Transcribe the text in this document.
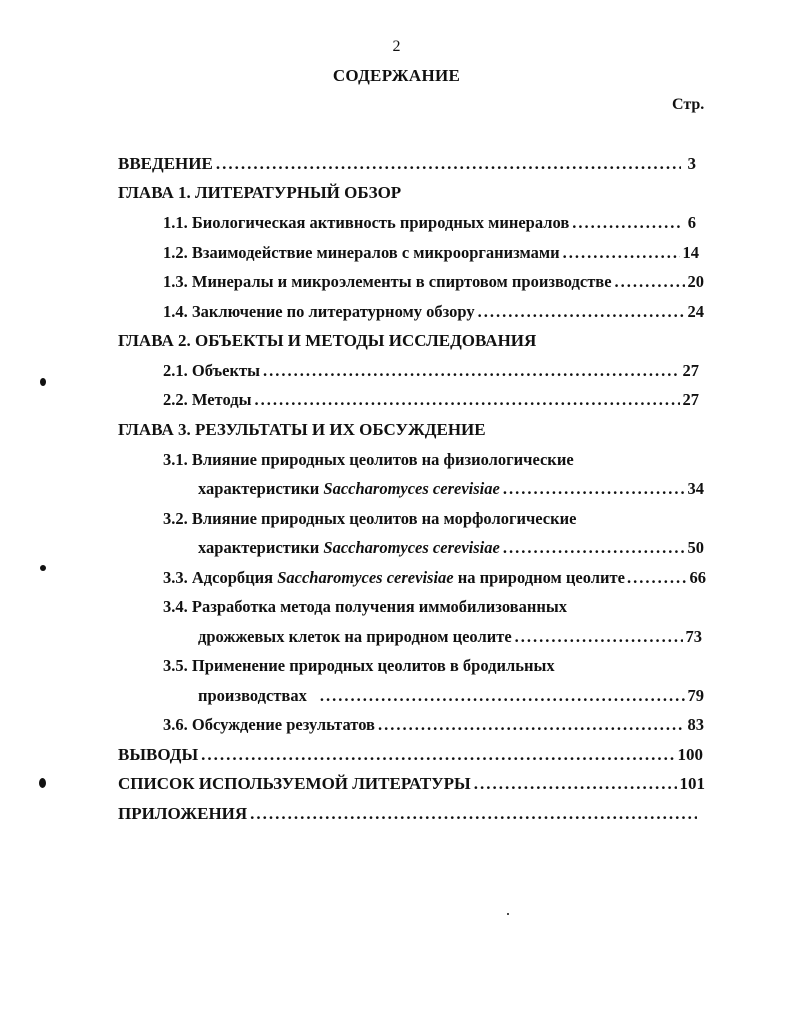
2
СОДЕРЖАНИЕ
Стр.
ВВЕДЕНИЕ .....	3
ГЛАВА 1. ЛИТЕРАТУРНЫЙ ОБЗОР
1.1. Биологическая активность природных минералов .....	6
1.2. Взаимодействие минералов с микроорганизмами .....	14
1.3. Минералы и микроэлементы в спиртовом производстве .....	20
1.4. Заключение по литературному обзору .....	24
ГЛАВА 2. ОБЪЕКТЫ И МЕТОДЫ ИССЛЕДОВАНИЯ
2.1. Объекты .....	27
2.2. Методы .....	27
ГЛАВА 3. РЕЗУЛЬТАТЫ И ИХ ОБСУЖДЕНИЕ
3.1. Влияние природных цеолитов на физиологические
характеристики Saccharomyces cerevisiae .....	34
3.2. Влияние природных цеолитов на морфологические
характеристики Saccharomyces cerevisiae .....	50
3.3. Адсорбция Saccharomyces cerevisiae на природном цеолите .....	66
3.4. Разработка метода получения иммобилизованных
дрожжевых клеток на природном цеолите .....	73
3.5. Применение природных цеолитов в бродильных
производствах .....	79
3.6. Обсуждение результатов .....	83
ВЫВОДЫ .....	100
СПИСОК ИСПОЛЬЗУЕМОЙ ЛИТЕРАТУРЫ .....	101
ПРИЛОЖЕНИЯ
.....
